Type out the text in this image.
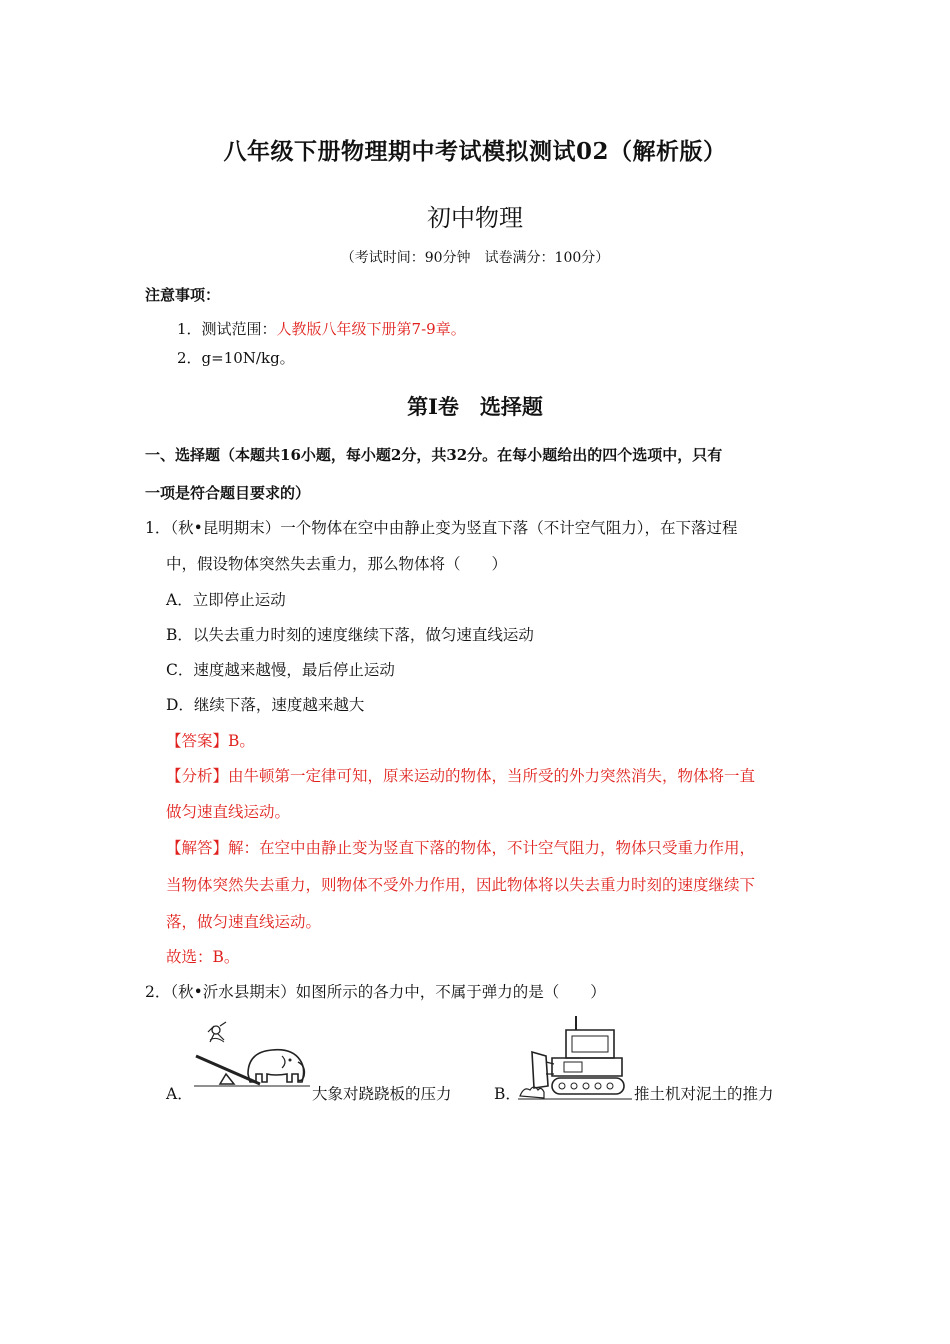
八年级下册物理期中考试模拟测试02（解析版）
初中物理
（考试时间：90分钟　试卷满分：100分）
注意事项：
1．测试范围：人教版八年级下册第7-9章。
2．g=10N/kg。
第Ⅰ卷　选择题
一、选择题（本题共16小题，每小题2分，共32分。在每小题给出的四个选项中，只有
一项是符合题目要求的）
1．（秋•昆明期末）一个物体在空中由静止变为竖直下落（不计空气阻力），在下落过程
中，假设物体突然失去重力，那么物体将（　　）
A．立即停止运动
B．以失去重力时刻的速度继续下落，做匀速直线运动
C．速度越来越慢，最后停止运动
D．继续下落，速度越来越大
【答案】B。
【分析】由牛顿第一定律可知，原来运动的物体，当所受的外力突然消失，物体将一直
做匀速直线运动。
【解答】解：在空中由静止变为竖直下落的物体，不计空气阻力，物体只受重力作用，
当物体突然失去重力，则物体不受外力作用，因此物体将以失去重力时刻的速度继续下
落，做匀速直线运动。
故选：B。
2．（秋•沂水县期末）如图所示的各力中，不属于弹力的是（　　）
A．	大象对跷跷板的压力	B．	推土机对泥土的推力
